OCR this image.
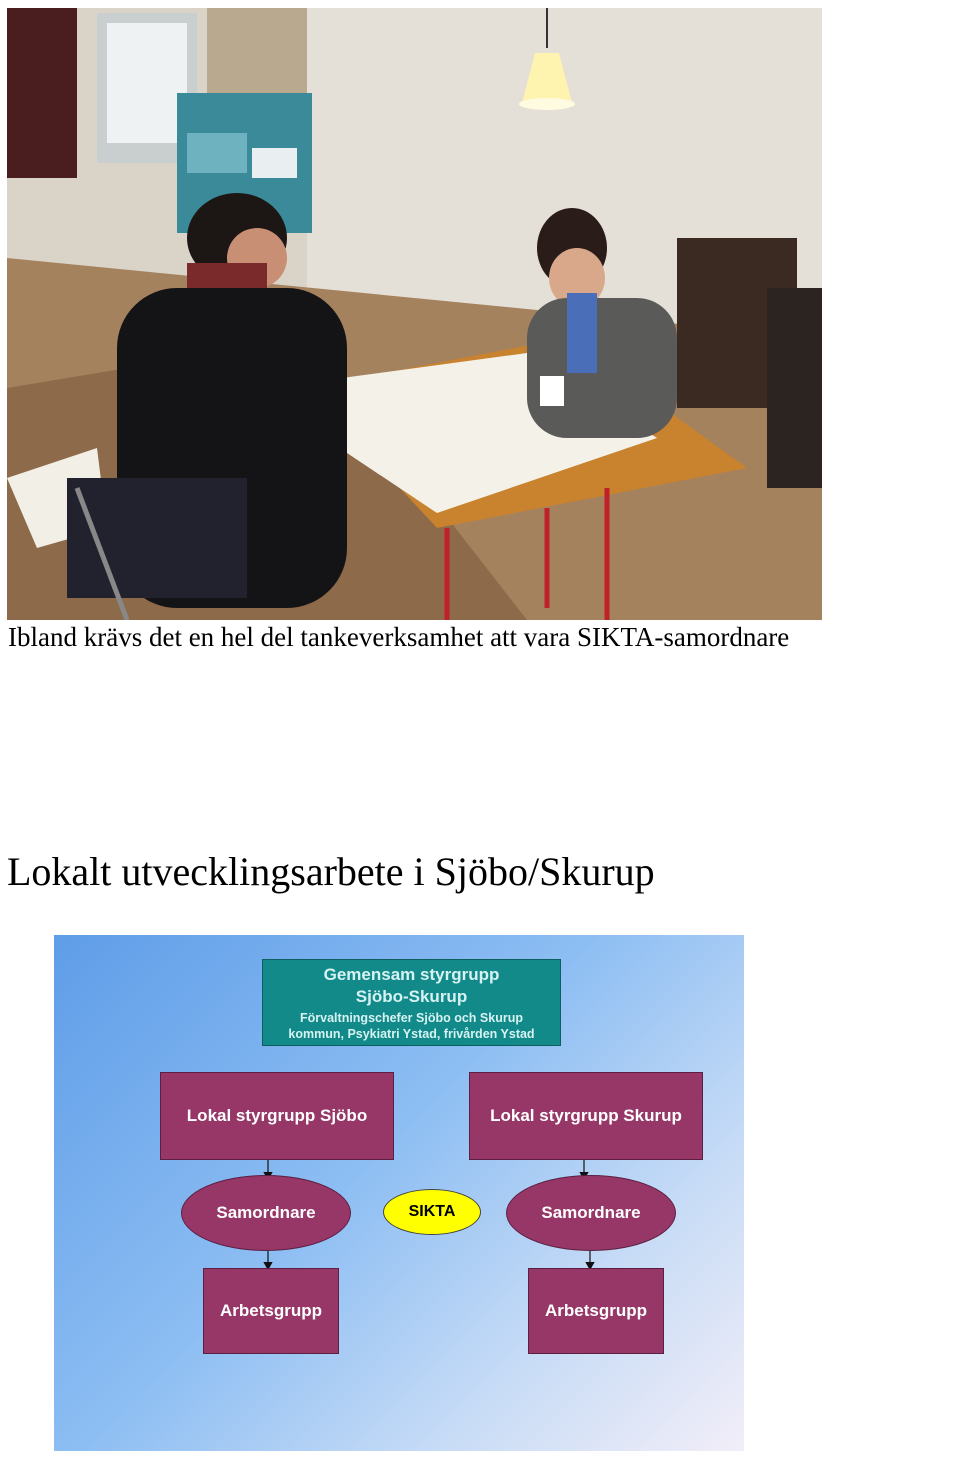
Ibland krävs det en hel del tankeverksamhet att vara SIKTA-samordnare
Lokalt utvecklingsarbete i Sjöbo/Skurup
Gemensam styrgrupp
Sjöbo-Skurup
Förvaltningschefer Sjöbo och Skurup
kommun, Psykiatri Ystad, frivården Ystad
Lokal styrgrupp Sjöbo	Lokal styrgrupp Skurup
Samordnare	SIKTA	Samordnare
Arbetsgrupp	Arbetsgrupp
